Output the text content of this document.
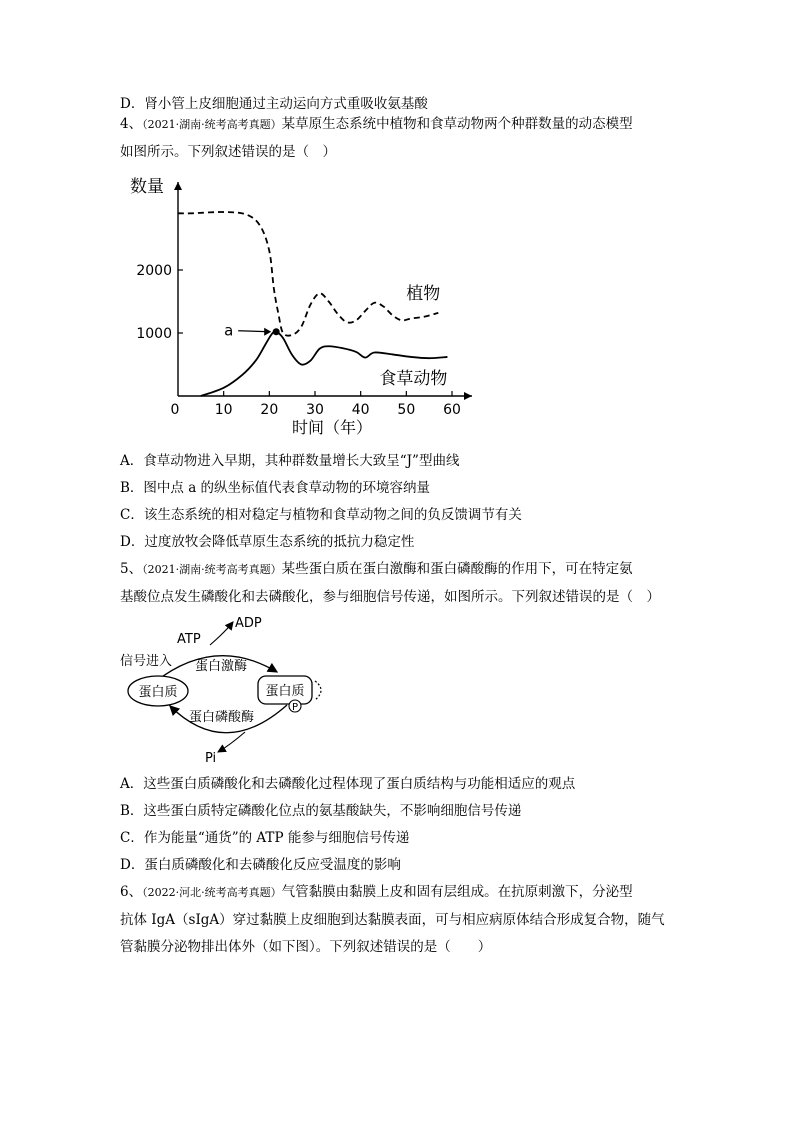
D．肾小管上皮细胞通过主动运向方式重吸收氨基酸
4、（2021·湖南·统考高考真题）某草原生态系统中植物和食草动物两个种群数量的动态模型
如图所示。下列叙述错误的是（　）
0	10 20 30 40 50 60
1000
2000
数量
时间（年）
植物
食草动物
a
A．食草动物进入早期，其种群数量增长大致呈“J”型曲线
B．图中点 a 的纵坐标值代表食草动物的环境容纳量
C．该生态系统的相对稳定与植物和食草动物之间的负反馈调节有关
D．过度放牧会降低草原生态系统的抵抗力稳定性
5、（2021·湖南·统考高考真题）某些蛋白质在蛋白激酶和蛋白磷酸酶的作用下，可在特定氨
基酸位点发生磷酸化和去磷酸化，参与细胞信号传递，如图所示。下列叙述错误的是（　）
蛋白质	蛋白质
P
ATP
ADP
信号进入 蛋白激酶
蛋白磷酸酶
Pi
A．这些蛋白质磷酸化和去磷酸化过程体现了蛋白质结构与功能相适应的观点
B．这些蛋白质特定磷酸化位点的氨基酸缺失，不影响细胞信号传递
C．作为能量“通货”的 ATP 能参与细胞信号传递
D．蛋白质磷酸化和去磷酸化反应受温度的影响
6、（2022·河北·统考高考真题）气管黏膜由黏膜上皮和固有层组成。在抗原刺激下，分泌型
抗体 IgA（sIgA）穿过黏膜上皮细胞到达黏膜表面，可与相应病原体结合形成复合物，随气
管黏膜分泌物排出体外（如下图）。下列叙述错误的是（　　）
